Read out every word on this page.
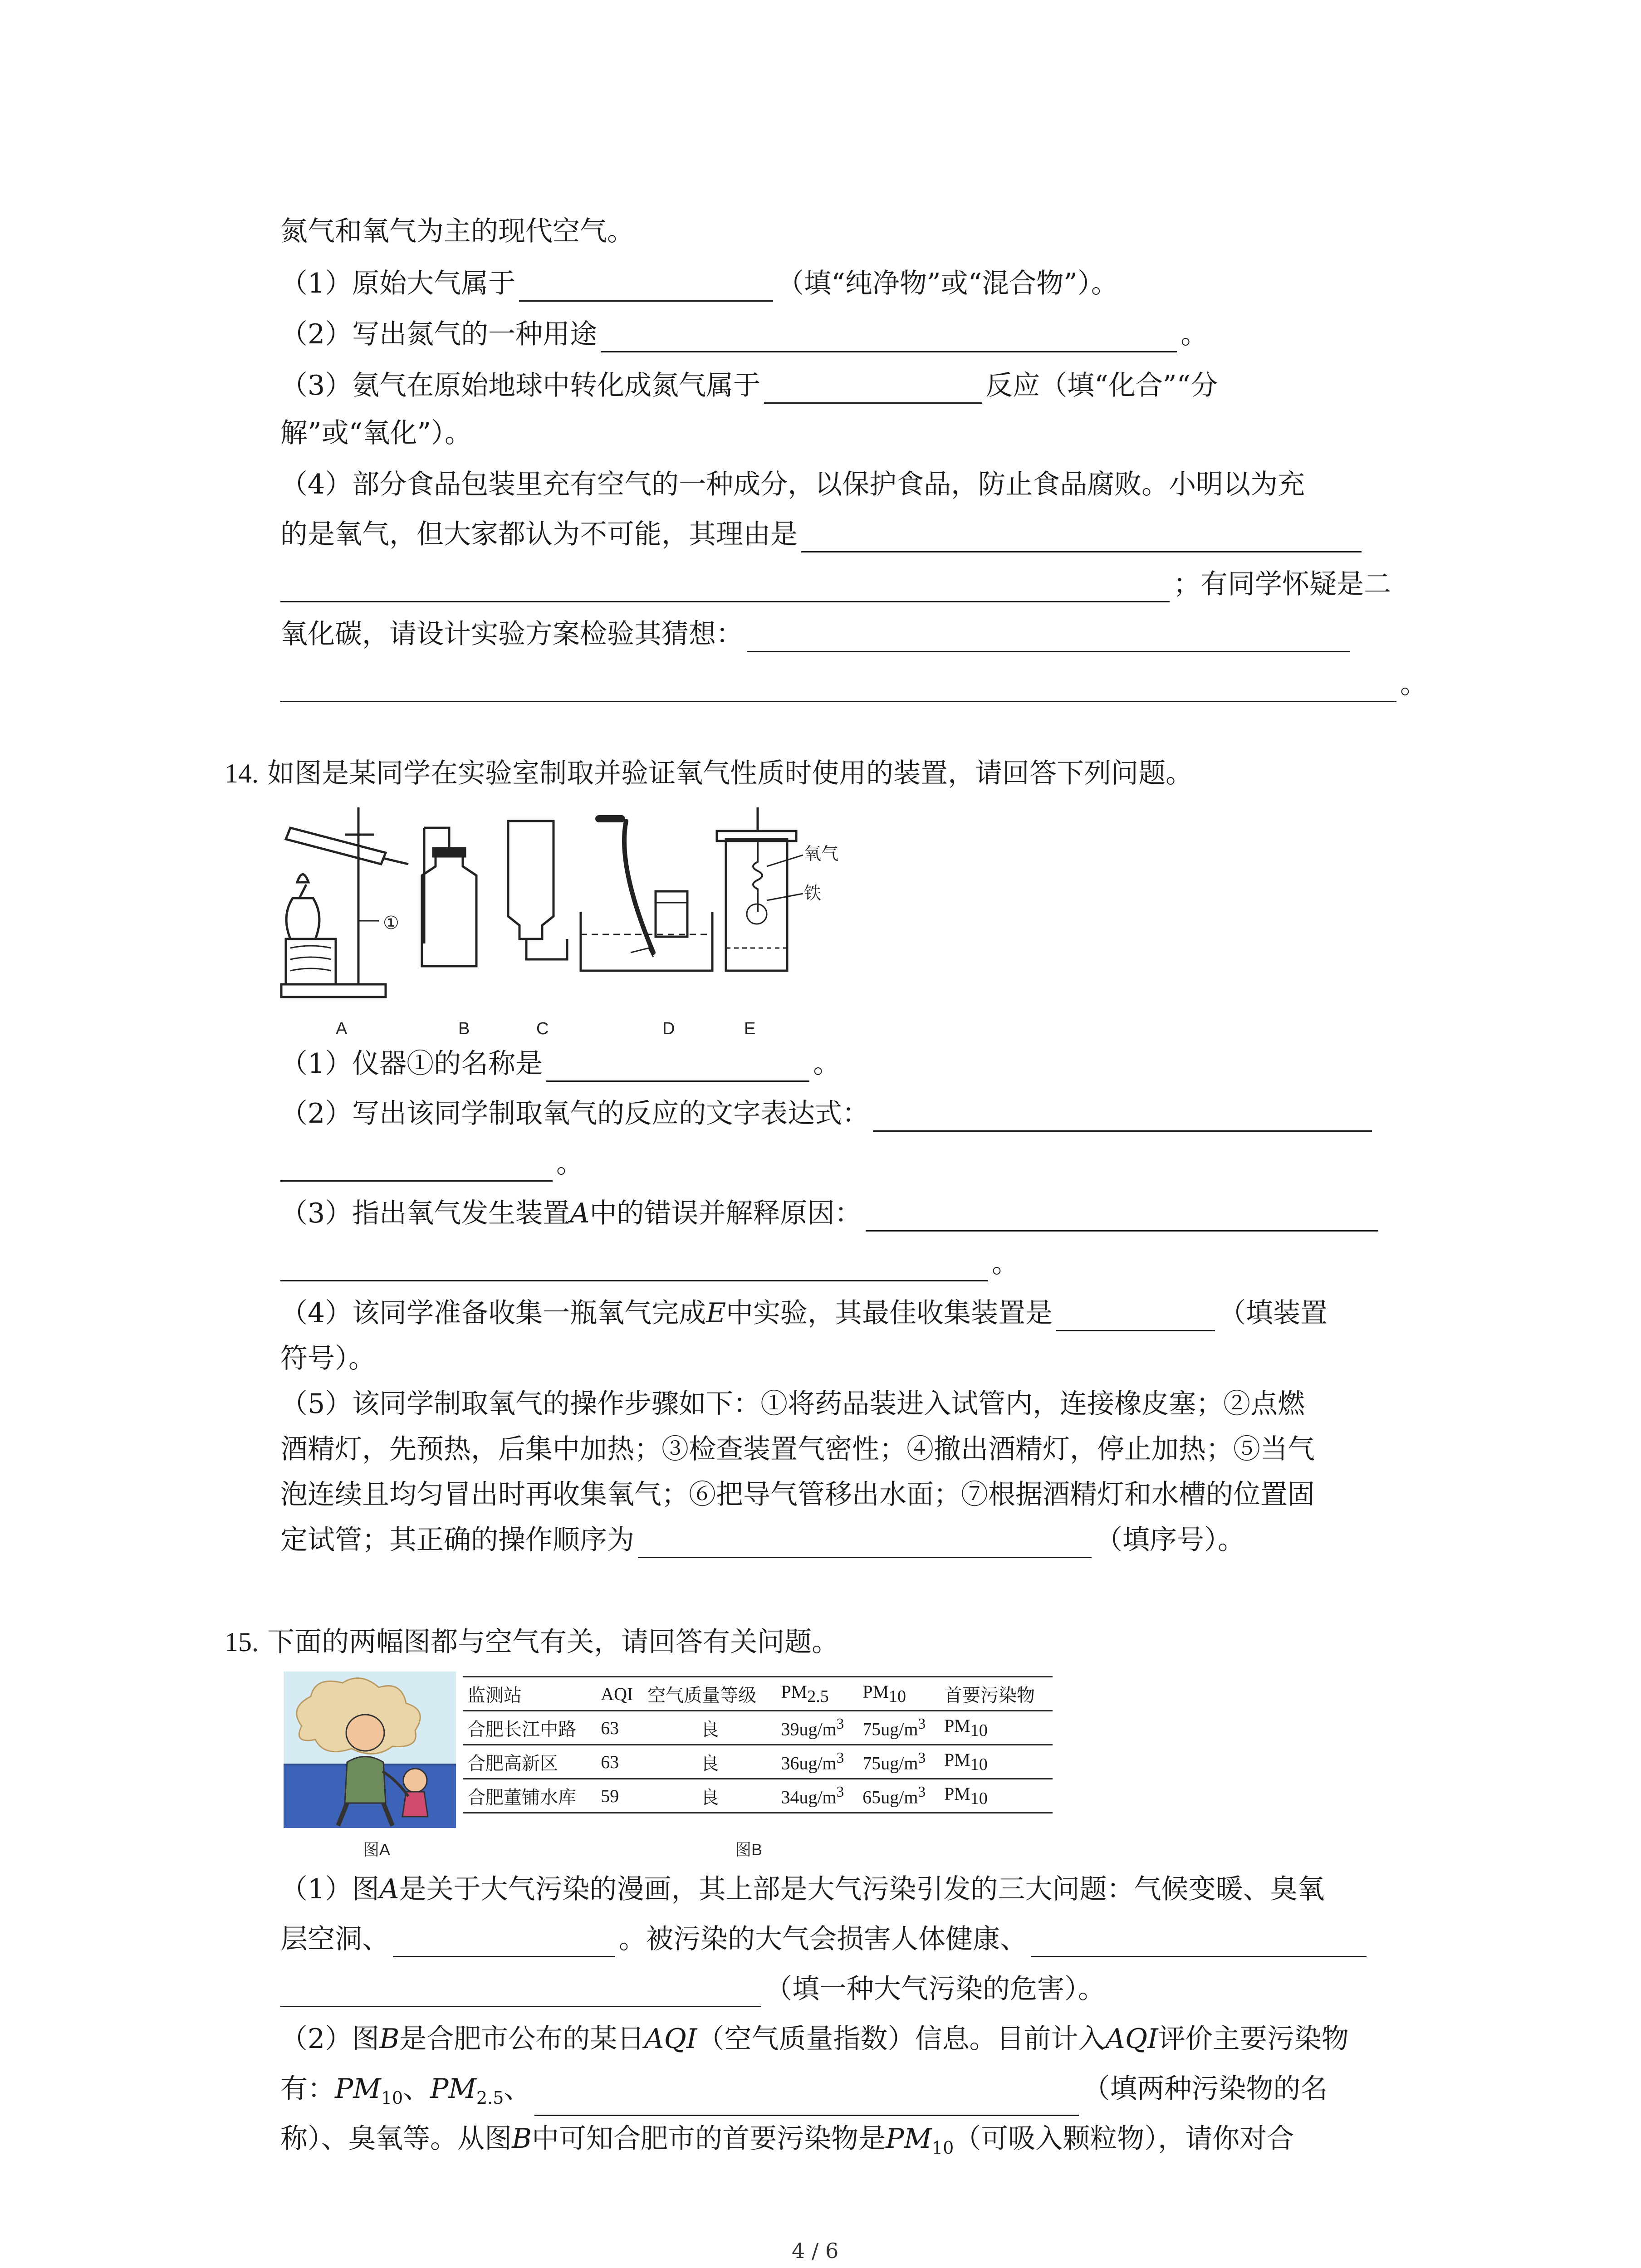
氮气和氧气为主的现代空气。
（1）原始大气属于	（填“纯净物”或“混合物”）。
（2）写出氮气的一种用途	。
（3）氨气在原始地球中转化成氮气属于	反应（填“化合”“分
解”或“氧化”）。
（4）部分食品包装里充有空气的一种成分，以保护食品，防止食品腐败。小明以为充
的是氧气，但大家都认为不可能，其理由是
；有同学怀疑是二
氧化碳，请设计实验方案检验其猜想：
。
14. 如图是某同学在实验室制取并验证氧气性质时使用的装置，请回答下列问题。
①
氧气
铁
A	B	C	D	E
（1）仪器①的名称是	。
（2）写出该同学制取氧气的反应的文字表达式：
。
（3）指出氧气发生装置A中的错误并解释原因：
。
（4）该同学准备收集一瓶氧气完成E中实验，其最佳收集装置是	（填装置
符号）。
（5）该同学制取氧气的操作步骤如下：①将药品装进入试管内，连接橡皮塞；②点燃
酒精灯，先预热，后集中加热；③检查装置气密性；④撤出酒精灯，停止加热；⑤当气
泡连续且均匀冒出时再收集氧气；⑥把导气管移出水面；⑦根据酒精灯和水槽的位置固
定试管；其正确的操作顺序为	（填序号）。
15. 下面的两幅图都与空气有关，请回答有关问题。
图A
监测站	AQI	空气质量等级	$PM_{2.5}$	$PM_{10}$	首要污染物
合肥长江中路	63	良	$39ug/m^3$	$75ug/m^3$	$PM_{10}$
合肥高新区	63	良	$36ug/m^3$	$75ug/m^3$	$PM_{10}$
合肥董铺水库	59	良	$34ug/m^3$	$65ug/m^3$	$PM_{10}$
图B
（1）图A是关于大气污染的漫画，其上部是大气污染引发的三大问题：气候变暖、臭氧
层空洞、	。被污染的大气会损害人体健康、
（填一种大气污染的危害）。
（2）图B是合肥市公布的某日AQI（空气质量指数）信息。目前计入AQI评价主要污染物
有：$PM_{10}$、$PM_{2.5}$、	（填两种污染物的名
称）、臭氧等。从图B中可知合肥市的首要污染物是$PM_{10}$（可吸入颗粒物），请你对合
4 / 6
